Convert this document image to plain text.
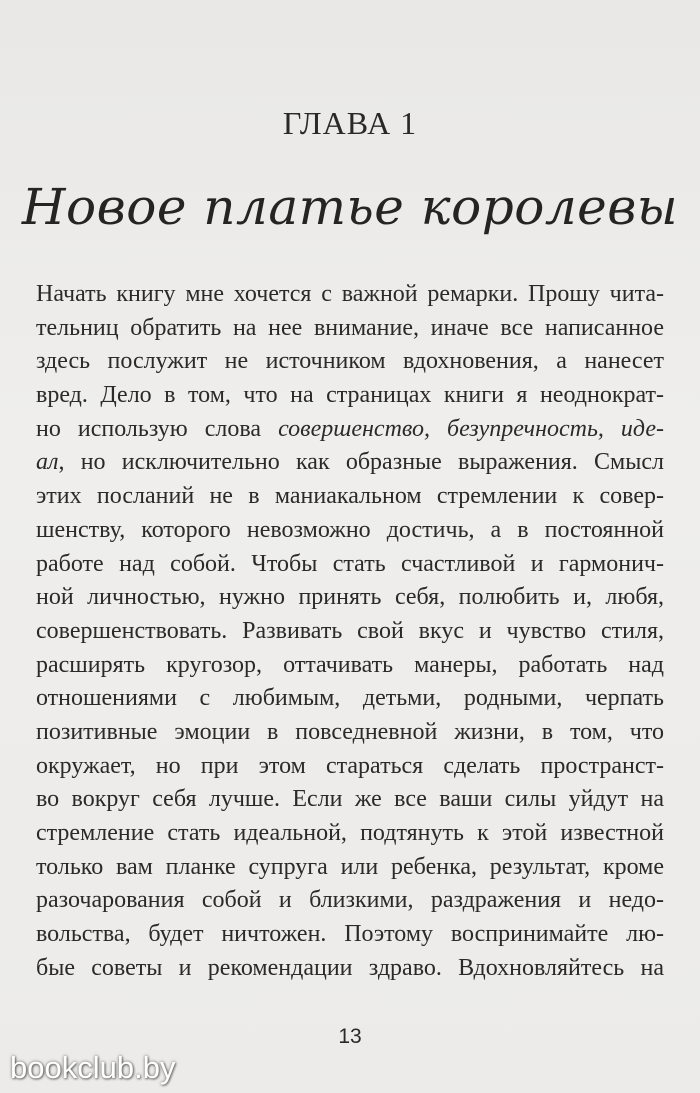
ГЛАВА 1
Новое платье королевы
Начать книгу мне хочется с важной ремарки. Прошу чита-
тельниц обратить на нее внимание, иначе все написанное
здесь послужит не источником вдохновения, а нанесет
вред. Дело в том, что на страницах книги я неоднократ-
но использую слова совершенство, безупречность, иде-
ал, но исключительно как образные выражения. Смысл
этих посланий не в маниакальном стремлении к совер-
шенству, которого невозможно достичь, а в постоянной
работе над собой. Чтобы стать счастливой и гармонич-
ной личностью, нужно принять себя, полюбить и, любя,
совершенствовать. Развивать свой вкус и чувство стиля,
расширять кругозор, оттачивать манеры, работать над
отношениями с любимым, детьми, родными, черпать
позитивные эмоции в повседневной жизни, в том, что
окружает, но при этом стараться сделать пространст-
во вокруг себя лучше. Если же все ваши силы уйдут на
стремление стать идеальной, подтянуть к этой известной
только вам планке супруга или ребенка, результат, кроме
разочарования собой и близкими, раздражения и недо-
вольства, будет ничтожен. Поэтому воспринимайте лю-
бые советы и рекомендации здраво. Вдохновляйтесь на
13
bookclub.by
